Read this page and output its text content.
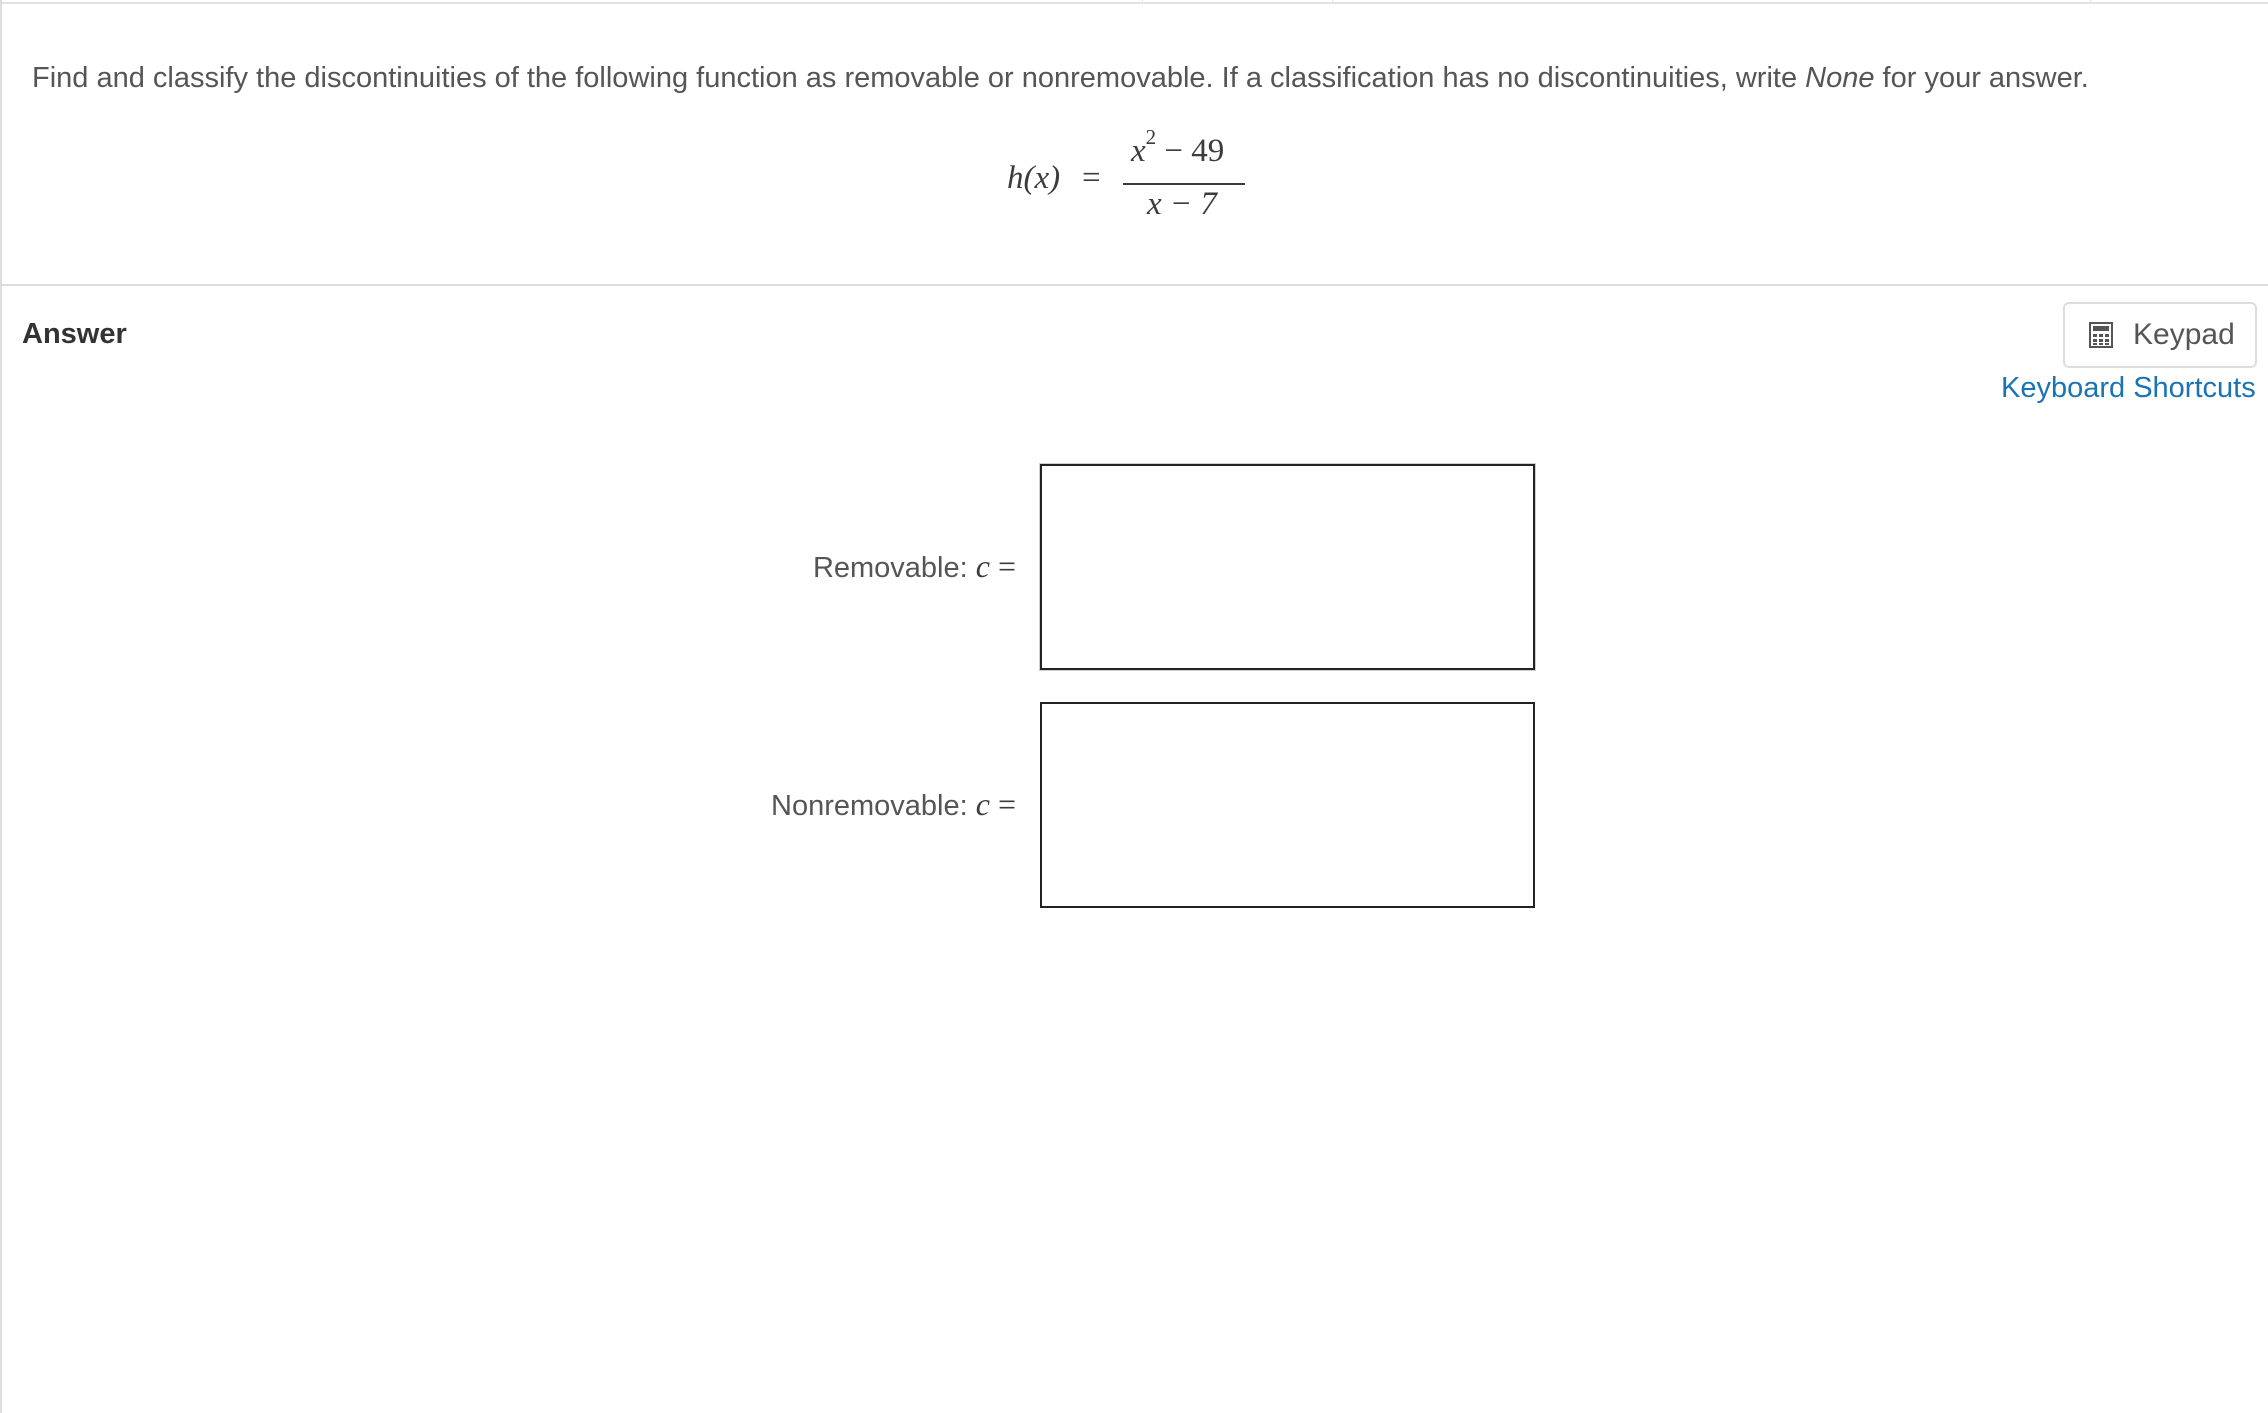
Find and classify the discontinuities of the following function as removable or nonremovable. If a classification has no discontinuities, write None for your answer.
h(x) =
$x^2 - 49$
x − 7
Answer	Keypad
Keyboard Shortcuts
Removable: c =
Nonremovable: c =
